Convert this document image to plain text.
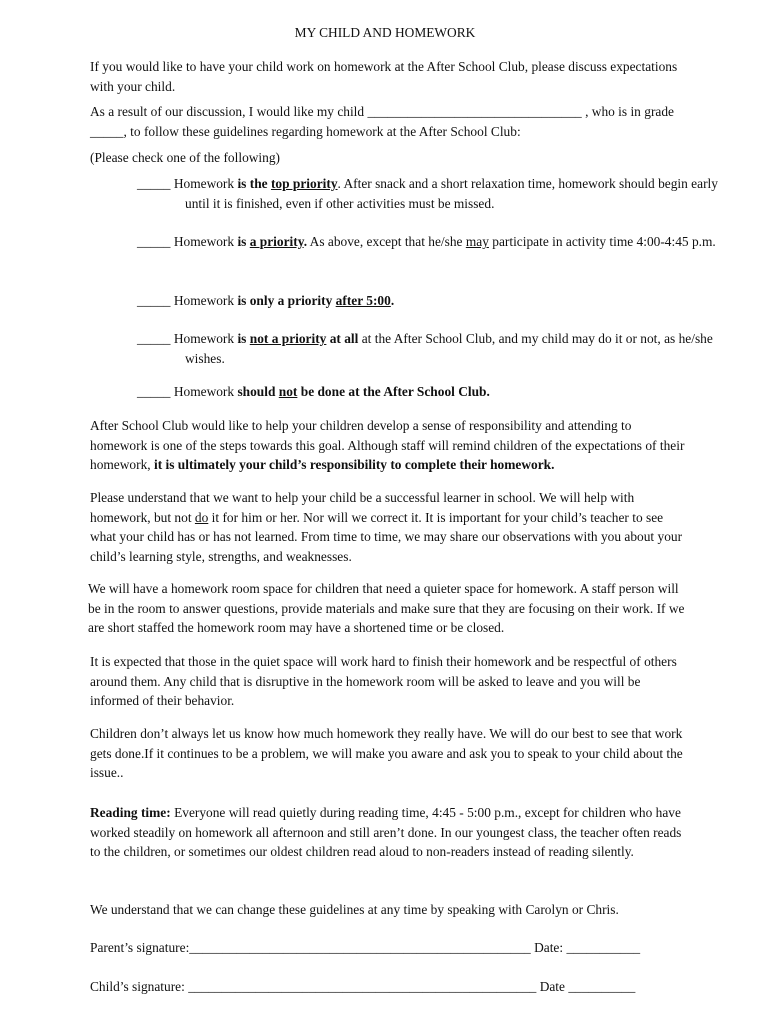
MY CHILD AND HOMEWORK

If you would like to have your child work on homework at the After School Club, please discuss expectations with your child.

As a result of our discussion, I would like my child ________________________________ , who is in grade _____, to follow these guidelines regarding homework at the After School Club:

(Please check one of the following)

_____ Homework is the top priority. After snack and a short relaxation time, homework should begin early until it is finished, even if other activities must be missed.

_____ Homework is a priority. As above, except that he/she may participate in activity time 4:00-4:45 p.m.

_____ Homework is only a priority after 5:00.

_____ Homework is not a priority at all at the After School Club, and my child may do it or not, as he/she wishes.

_____ Homework should not be done at the After School Club.

After School Club would like to help your children develop a sense of responsibility and attending to homework is one of the steps towards this goal. Although staff will remind children of the expectations of their homework, it is ultimately your child’s responsibility to complete their homework.

Please understand that we want to help your child be a successful learner in school. We will help with homework, but not do it for him or her. Nor will we correct it. It is important for your child’s teacher to see what your child has or has not learned. From time to time, we may share our observations with you about your child’s learning style, strengths, and weaknesses.

We will have a homework room space for children that need a quieter space for homework. A staff person will be in the room to answer questions, provide materials and make sure that they are focusing on their work. If we are short staffed the homework room may have a shortened time or be closed.

It is expected that those in the quiet space will work hard to finish their homework and be respectful of others around them. Any child that is disruptive in the homework room will be asked to leave and you will be informed of their behavior.

Children don’t always let us know how much homework they really have. We will do our best to see that work gets done.If it continues to be a problem, we will make you aware and ask you to speak to your child about the issue..

Reading time: Everyone will read quietly during reading time, 4:45 - 5:00 p.m., except for children who have worked steadily on homework all afternoon and still aren’t done. In our youngest class, the teacher often reads to the children, or sometimes our oldest children read aloud to non-readers instead of reading silently.

We understand that we can change these guidelines at any time by speaking with Carolyn or Chris.

Parent’s signature:___________________________________________________ Date: ___________

Child’s signature: ____________________________________________________ Date __________
